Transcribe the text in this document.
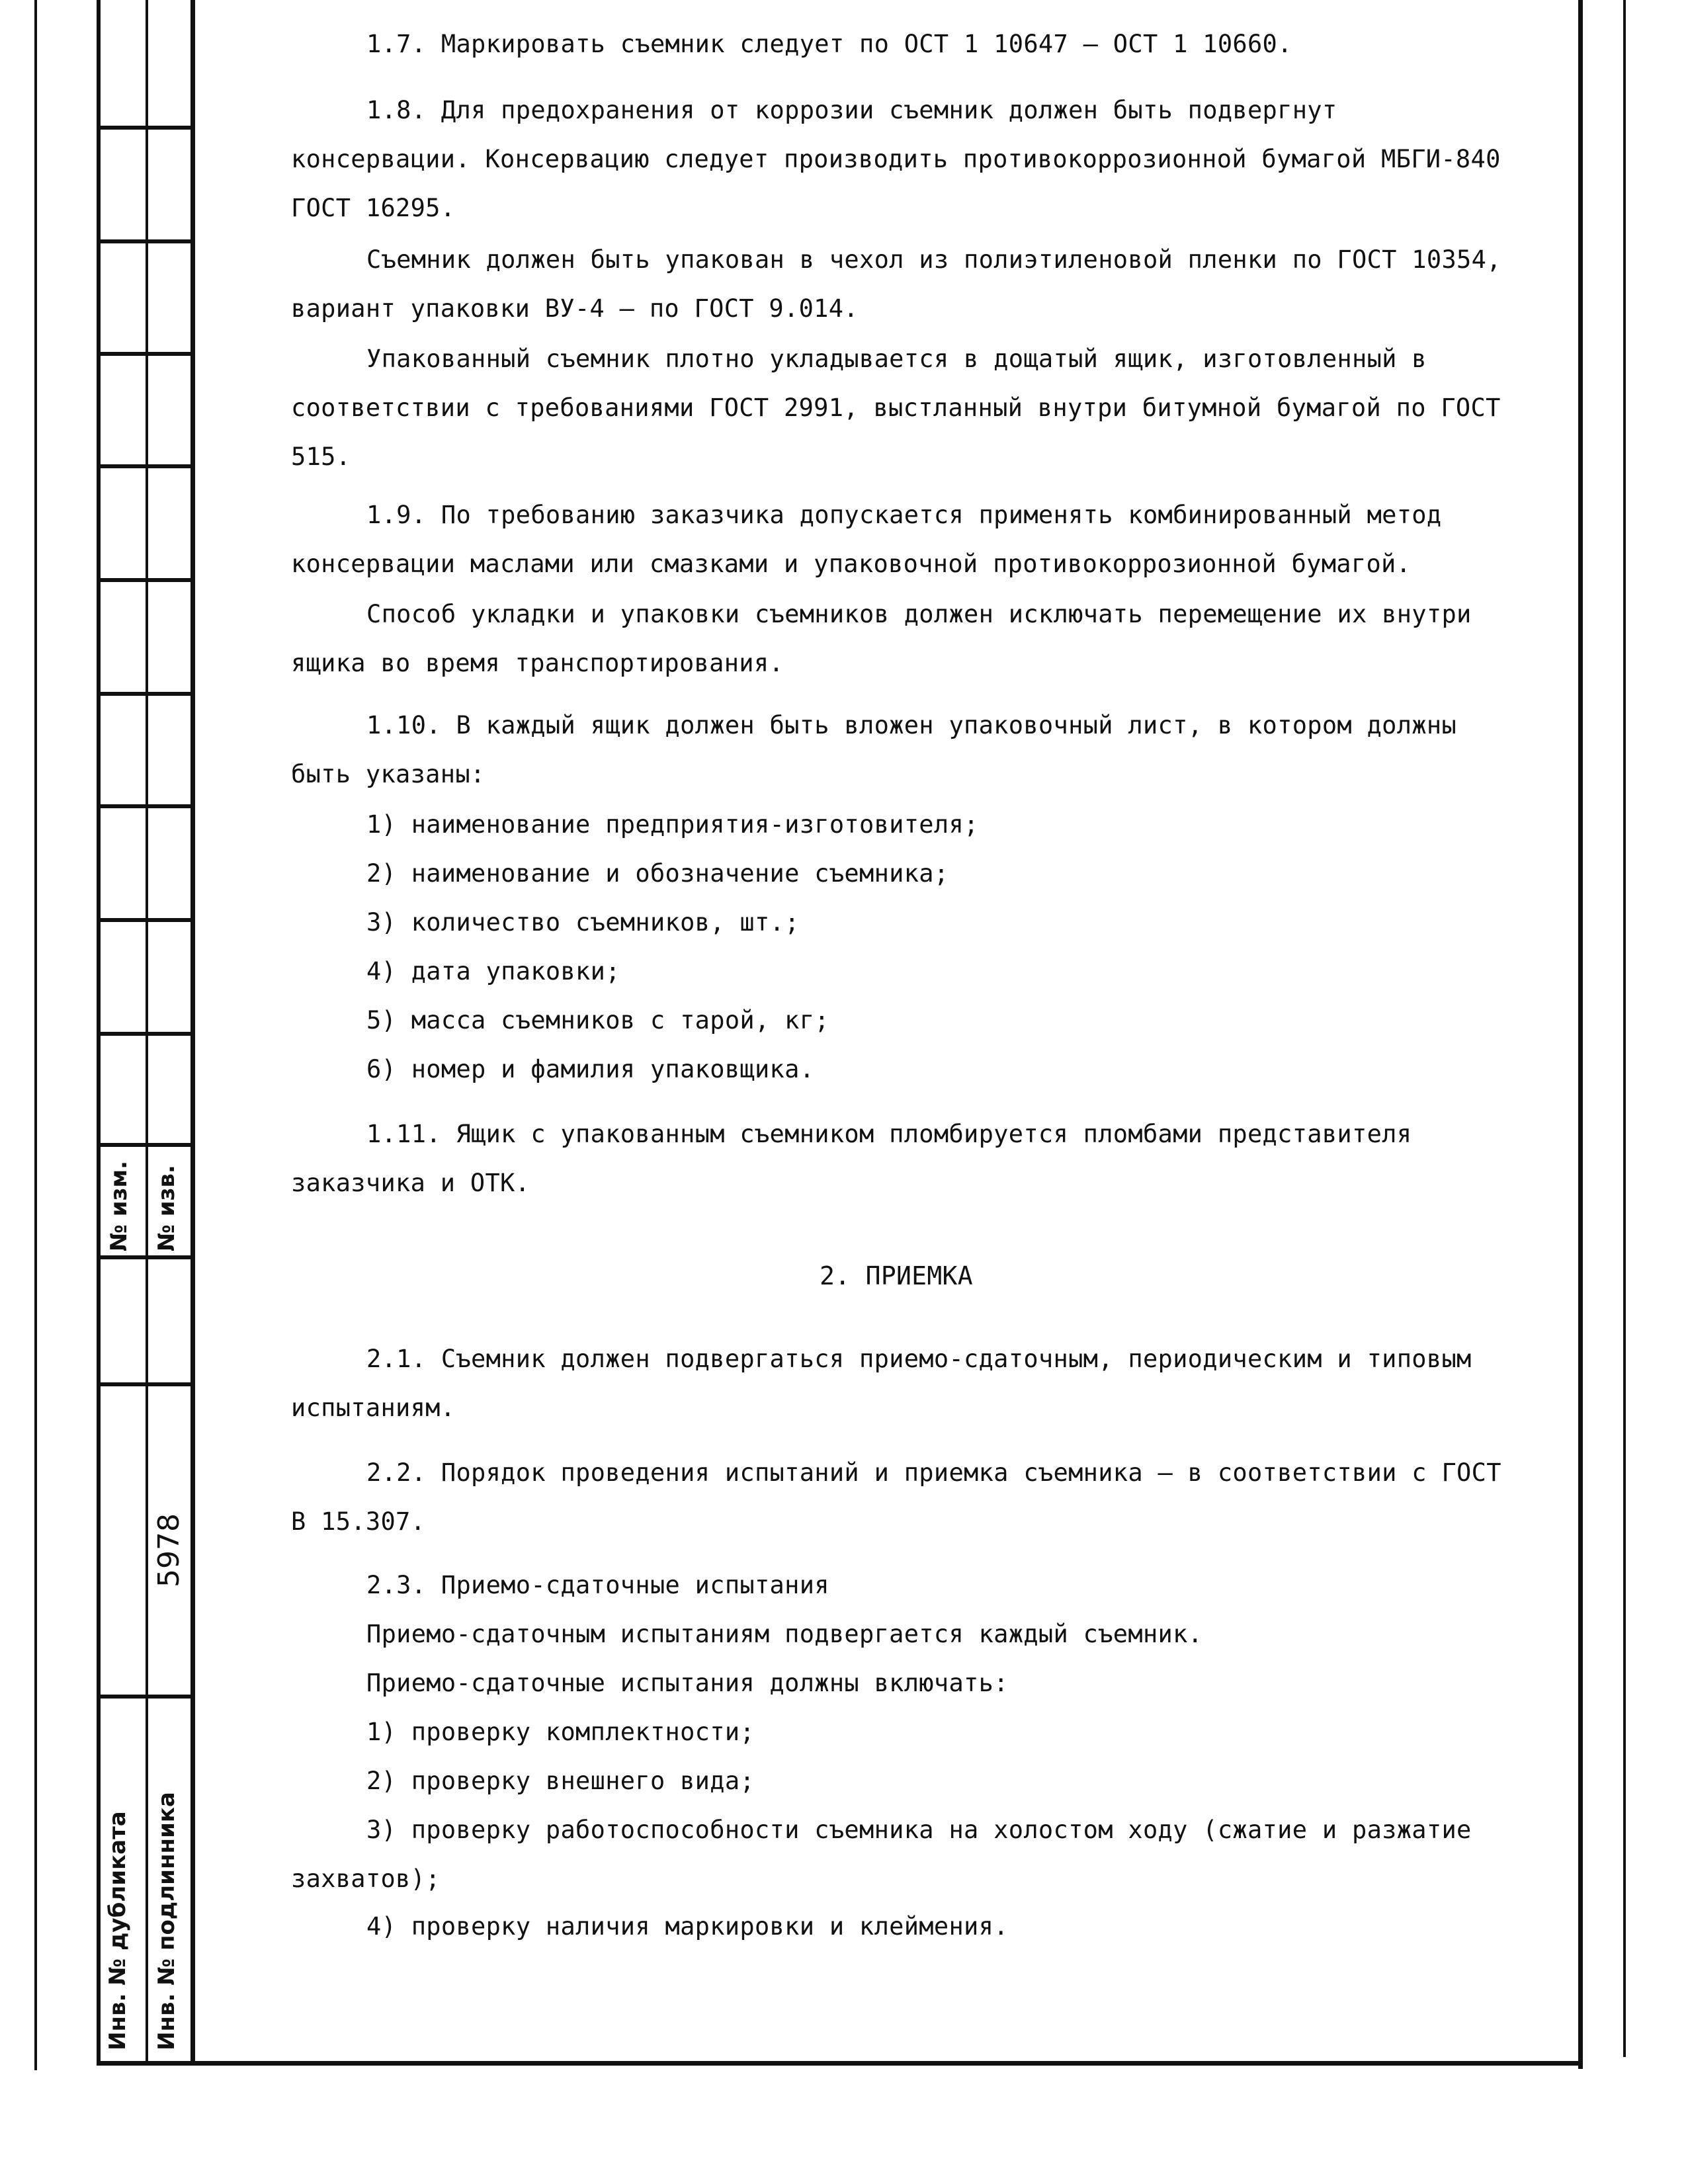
№ изм. № изв.
5978
Инв. № дубликата Инв. № подлинника
1.7. Маркировать съемник следует по ОСТ 1 10647 – ОСТ 1 10660.
1.8. Для предохранения от коррозии съемник должен быть подвергнут консервации. Консервацию следует производить противокоррозионной бумагой МБГИ-840 ГОСТ 16295.
Съемник должен быть упакован в чехол из полиэтиленовой пленки по ГОСТ 10354, вариант упаковки ВУ-4 – по ГОСТ 9.014.
Упакованный съемник плотно укладывается в дощатый ящик, изготовленный в соответствии с требованиями ГОСТ 2991, выстланный внутри битумной бумагой по ГОСТ 515.
1.9. По требованию заказчика допускается применять комбинированный метод консервации маслами или смазками и упаковочной противокоррозионной бумагой.
Способ укладки и упаковки съемников должен исключать перемещение их внутри ящика во время транспортирования.
1.10. В каждый ящик должен быть вложен упаковочный лист, в котором должны быть указаны:
1) наименование предприятия-изготовителя;
2) наименование и обозначение съемника;
3) количество съемников, шт.;
4) дата упаковки;
5) масса съемников с тарой, кг;
6) номер и фамилия упаковщика.
1.11. Ящик с упакованным съемником пломбируется пломбами представителя заказчика и ОТК.
2. ПРИЕМКА
2.1. Съемник должен подвергаться приемо-сдаточным, периодическим и типовым испытаниям.
2.2. Порядок проведения испытаний и приемка съемника – в соответствии с ГОСТ В 15.307.
2.3. Приемо-сдаточные испытания
Приемо-сдаточным испытаниям подвергается каждый съемник.
Приемо-сдаточные испытания должны включать:
1) проверку комплектности;
2) проверку внешнего вида;
3) проверку работоспособности съемника на холостом ходу (сжатие и разжатие захватов);
4) проверку наличия маркировки и клеймения.
